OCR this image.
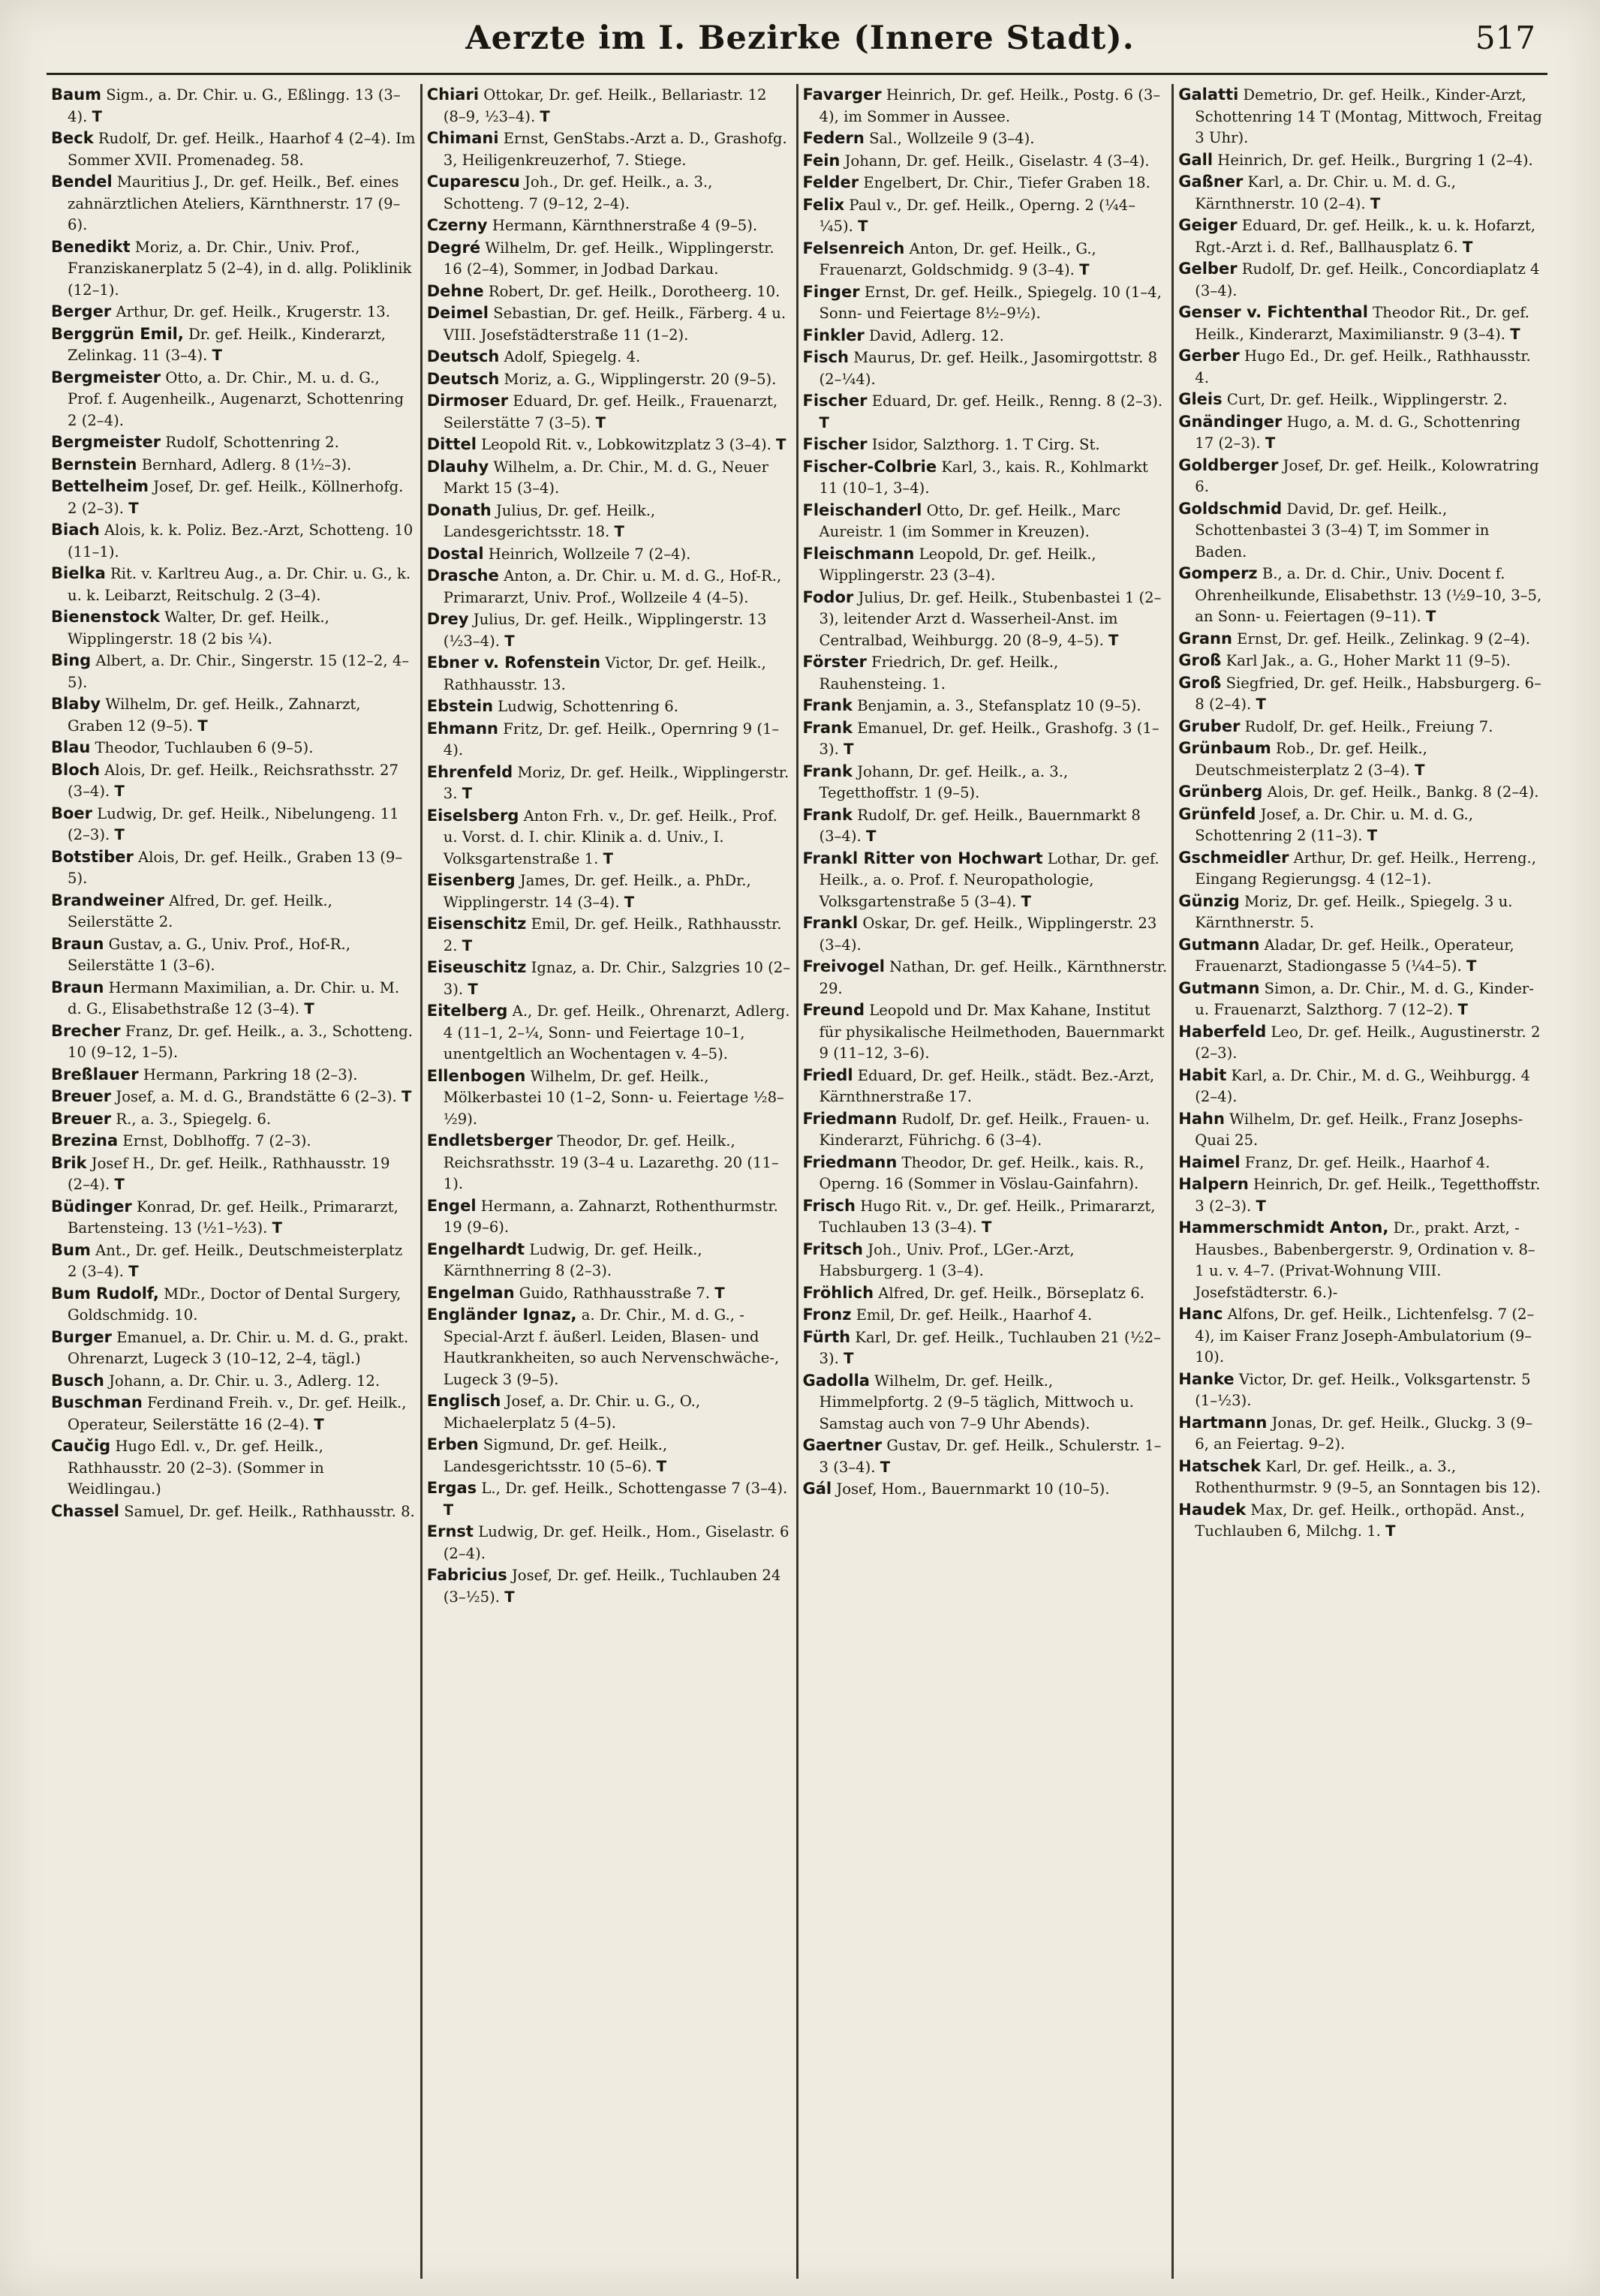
Aerzte im I. Bezirke (Innere Stadt).	517

Baum Sigm., a. Dr. Chir. u. G., Eßlingg. 13 (3–4). T

Beck Rudolf, Dr. gef. Heilk., Haarhof 4 (2–4). Im Sommer XVII. Promenadeg. 58.

Bendel Mauritius J., Dr. gef. Heilk., Bef. eines zahnärztlichen Ateliers, Kärnthnerstr. 17 (9–6).

Benedikt Moriz, a. Dr. Chir., Univ. Prof., Franziskanerplatz 5 (2–4), in d. allg. Poliklinik (12–1).

Berger Arthur, Dr. gef. Heilk., Krugerstr. 13.

Berggrün Emil, Dr. gef. Heilk., Kinderarzt, Zelinkag. 11 (3–4). T

Bergmeister Otto, a. Dr. Chir., M. u. d. G., Prof. f. Augenheilk., Augenarzt, Schottenring 2 (2–4).

Bergmeister Rudolf, Schottenring 2.

Bernstein Bernhard, Adlerg. 8 (1½–3).

Bettelheim Josef, Dr. gef. Heilk., Köllnerhofg. 2 (2–3). T

Biach Alois, k. k. Poliz. Bez.-Arzt, Schotteng. 10 (11–1).

Bielka Rit. v. Karltreu Aug., a. Dr. Chir. u. G., k. u. k. Leibarzt, Reitschulg. 2 (3–4).

Bienenstock Walter, Dr. gef. Heilk., Wipplingerstr. 18 (2 bis ¼).

Bing Albert, a. Dr. Chir., Singerstr. 15 (12–2, 4–5).

Blaby Wilhelm, Dr. gef. Heilk., Zahnarzt, Graben 12 (9–5). T

Blau Theodor, Tuchlauben 6 (9–5).

Bloch Alois, Dr. gef. Heilk., Reichsrathsstr. 27 (3–4). T

Boer Ludwig, Dr. gef. Heilk., Nibelungeng. 11 (2–3). T

Botstiber Alois, Dr. gef. Heilk., Graben 13 (9–5).

Brandweiner Alfred, Dr. gef. Heilk., Seilerstätte 2.

Braun Gustav, a. G., Univ. Prof., Hof-R., Seilerstätte 1 (3–6).

Braun Hermann Maximilian, a. Dr. Chir. u. M. d. G., Elisabethstraße 12 (3–4). T

Brecher Franz, Dr. gef. Heilk., a. 3., Schotteng. 10 (9–12, 1–5).

Breßlauer Hermann, Parkring 18 (2–3).

Breuer Josef, a. M. d. G., Brandstätte 6 (2–3). T

Breuer R., a. 3., Spiegelg. 6.

Brezina Ernst, Doblhoffg. 7 (2–3).

Brik Josef H., Dr. gef. Heilk., Rathhausstr. 19 (2–4). T

Büdinger Konrad, Dr. gef. Heilk., Primararzt, Bartensteing. 13 (½1–½3). T

Bum Ant., Dr. gef. Heilk., Deutschmeisterplatz 2 (3–4). T

Bum Rudolf, MDr., Doctor of Dental Surgery, Goldschmidg. 10.

Burger Emanuel, a. Dr. Chir. u. M. d. G., prakt. Ohrenarzt, Lugeck 3 (10–12, 2–4, tägl.)

Busch Johann, a. Dr. Chir. u. 3., Adlerg. 12.

Buschman Ferdinand Freih. v., Dr. gef. Heilk., Operateur, Seilerstätte 16 (2–4). T

Caučig Hugo Edl. v., Dr. gef. Heilk., Rathhausstr. 20 (2–3). (Sommer in Weidlingau.)

Chassel Samuel, Dr. gef. Heilk., Rathhausstr. 8.

Chiari Ottokar, Dr. gef. Heilk., Bellariastr. 12 (8–9, ½3–4). T

Chimani Ernst, GenStabs.-Arzt a. D., Grashofg. 3, Heiligenkreuzerhof, 7. Stiege.

Cuparescu Joh., Dr. gef. Heilk., a. 3., Schotteng. 7 (9–12, 2–4).

Czerny Hermann, Kärnthnerstraße 4 (9–5).

Degré Wilhelm, Dr. gef. Heilk., Wipplingerstr. 16 (2–4), Sommer, in Jodbad Darkau.

Dehne Robert, Dr. gef. Heilk., Dorotheerg. 10.

Deimel Sebastian, Dr. gef. Heilk., Färberg. 4 u. VIII. Josefstädterstraße 11 (1–2).

Deutsch Adolf, Spiegelg. 4.

Deutsch Moriz, a. G., Wipplingerstr. 20 (9–5).

Dirmoser Eduard, Dr. gef. Heilk., Frauenarzt, Seilerstätte 7 (3–5). T

Dittel Leopold Rit. v., Lobkowitzplatz 3 (3–4). T

Dlauhy Wilhelm, a. Dr. Chir., M. d. G., Neuer Markt 15 (3–4).

Donath Julius, Dr. gef. Heilk., Landesgerichtsstr. 18. T

Dostal Heinrich, Wollzeile 7 (2–4).

Drasche Anton, a. Dr. Chir. u. M. d. G., Hof-R., Primararzt, Univ. Prof., Wollzeile 4 (4–5).

Drey Julius, Dr. gef. Heilk., Wipplingerstr. 13 (½3–4). T

Ebner v. Rofenstein Victor, Dr. gef. Heilk., Rathhausstr. 13.

Ebstein Ludwig, Schottenring 6.

Ehmann Fritz, Dr. gef. Heilk., Opernring 9 (1–4).

Ehrenfeld Moriz, Dr. gef. Heilk., Wipplingerstr. 3. T

Eiselsberg Anton Frh. v., Dr. gef. Heilk., Prof. u. Vorst. d. I. chir. Klinik a. d. Univ., I. Volksgartenstraße 1. T

Eisenberg James, Dr. gef. Heilk., a. PhDr., Wipplingerstr. 14 (3–4). T

Eisenschitz Emil, Dr. gef. Heilk., Rathhausstr. 2. T

Eiseuschitz Ignaz, a. Dr. Chir., Salzgries 10 (2–3). T

Eitelberg A., Dr. gef. Heilk., Ohrenarzt, Adlerg. 4 (11–1, 2–¼, Sonn- und Feiertage 10–1, unentgeltlich an Wochentagen v. 4–5).

Ellenbogen Wilhelm, Dr. gef. Heilk., Mölkerbastei 10 (1–2, Sonn- u. Feiertage ½8–½9).

Endletsberger Theodor, Dr. gef. Heilk., Reichsrathsstr. 19 (3–4 u. Lazarethg. 20 (11–1).

Engel Hermann, a. Zahnarzt, Rothenthurmstr. 19 (9–6).

Engelhardt Ludwig, Dr. gef. Heilk., Kärnthnerring 8 (2–3).

Engelman Guido, Rathhausstraße 7. T

Engländer Ignaz, a. Dr. Chir., M. d. G., -Special-Arzt f. äußerl. Leiden, Blasen- und Hautkrankheiten, so auch Nervenschwäche-, Lugeck 3 (9–5).

Englisch Josef, a. Dr. Chir. u. G., O., Michaelerplatz 5 (4–5).

Erben Sigmund, Dr. gef. Heilk., Landesgerichtsstr. 10 (5–6). T

Ergas L., Dr. gef. Heilk., Schottengasse 7 (3–4). T

Ernst Ludwig, Dr. gef. Heilk., Hom., Giselastr. 6 (2–4).

Fabricius Josef, Dr. gef. Heilk., Tuchlauben 24 (3–½5). T

Favarger Heinrich, Dr. gef. Heilk., Postg. 6 (3–4), im Sommer in Aussee.

Federn Sal., Wollzeile 9 (3–4).

Fein Johann, Dr. gef. Heilk., Giselastr. 4 (3–4).

Felder Engelbert, Dr. Chir., Tiefer Graben 18.

Felix Paul v., Dr. gef. Heilk., Operng. 2 (¼4–¼5). T

Felsenreich Anton, Dr. gef. Heilk., G., Frauenarzt, Goldschmidg. 9 (3–4). T

Finger Ernst, Dr. gef. Heilk., Spiegelg. 10 (1–4, Sonn- und Feiertage 8½–9½).

Finkler David, Adlerg. 12.

Fisch Maurus, Dr. gef. Heilk., Jasomirgottstr. 8 (2–¼4).

Fischer Eduard, Dr. gef. Heilk., Renng. 8 (2–3). T

Fischer Isidor, Salzthorg. 1. T Cirg. St.

Fischer-Colbrie Karl, 3., kais. R., Kohlmarkt 11 (10–1, 3–4).

Fleischanderl Otto, Dr. gef. Heilk., Marc Aureistr. 1 (im Sommer in Kreuzen).

Fleischmann Leopold, Dr. gef. Heilk., Wipplingerstr. 23 (3–4).

Fodor Julius, Dr. gef. Heilk., Stubenbastei 1 (2–3), leitender Arzt d. Wasserheil-Anst. im Centralbad, Weihburgg. 20 (8–9, 4–5). T

Förster Friedrich, Dr. gef. Heilk., Rauhensteing. 1.

Frank Benjamin, a. 3., Stefansplatz 10 (9–5).

Frank Emanuel, Dr. gef. Heilk., Grashofg. 3 (1–3). T

Frank Johann, Dr. gef. Heilk., a. 3., Tegetthoffstr. 1 (9–5).

Frank Rudolf, Dr. gef. Heilk., Bauernmarkt 8 (3–4). T

Frankl Ritter von Hochwart Lothar, Dr. gef. Heilk., a. o. Prof. f. Neuropathologie, Volksgartenstraße 5 (3–4). T

Frankl Oskar, Dr. gef. Heilk., Wipplingerstr. 23 (3–4).

Freivogel Nathan, Dr. gef. Heilk., Kärnthnerstr. 29.

Freund Leopold und Dr. Max Kahane, Institut für physikalische Heilmethoden, Bauernmarkt 9 (11–12, 3–6).

Friedl Eduard, Dr. gef. Heilk., städt. Bez.-Arzt, Kärnthnerstraße 17.

Friedmann Rudolf, Dr. gef. Heilk., Frauen- u. Kinderarzt, Führichg. 6 (3–4).

Friedmann Theodor, Dr. gef. Heilk., kais. R., Operng. 16 (Sommer in Vöslau-Gainfahrn).

Frisch Hugo Rit. v., Dr. gef. Heilk., Primararzt, Tuchlauben 13 (3–4). T

Fritsch Joh., Univ. Prof., LGer.-Arzt, Habsburgerg. 1 (3–4).

Fröhlich Alfred, Dr. gef. Heilk., Börseplatz 6.

Fronz Emil, Dr. gef. Heilk., Haarhof 4.

Fürth Karl, Dr. gef. Heilk., Tuchlauben 21 (½2–3). T

Gadolla Wilhelm, Dr. gef. Heilk., Himmelpfortg. 2 (9–5 täglich, Mittwoch u. Samstag auch von 7–9 Uhr Abends).

Gaertner Gustav, Dr. gef. Heilk., Schulerstr. 1–3 (3–4). T

Gál Josef, Hom., Bauernmarkt 10 (10–5).

Galatti Demetrio, Dr. gef. Heilk., Kinder-Arzt, Schottenring 14 T (Montag, Mittwoch, Freitag 3 Uhr).

Gall Heinrich, Dr. gef. Heilk., Burgring 1 (2–4).

Gaßner Karl, a. Dr. Chir. u. M. d. G., Kärnthnerstr. 10 (2–4). T

Geiger Eduard, Dr. gef. Heilk., k. u. k. Hofarzt, Rgt.-Arzt i. d. Ref., Ballhausplatz 6. T

Gelber Rudolf, Dr. gef. Heilk., Concordiaplatz 4 (3–4).

Genser v. Fichtenthal Theodor Rit., Dr. gef. Heilk., Kinderarzt, Maximilianstr. 9 (3–4). T

Gerber Hugo Ed., Dr. gef. Heilk., Rathhausstr. 4.

Gleis Curt, Dr. gef. Heilk., Wipplingerstr. 2.

Gnändinger Hugo, a. M. d. G., Schottenring 17 (2–3). T

Goldberger Josef, Dr. gef. Heilk., Kolowratring 6.

Goldschmid David, Dr. gef. Heilk., Schottenbastei 3 (3–4) T, im Sommer in Baden.

Gomperz B., a. Dr. d. Chir., Univ. Docent f. Ohrenheilkunde, Elisabethstr. 13 (½9–10, 3–5, an Sonn- u. Feiertagen (9–11). T

Grann Ernst, Dr. gef. Heilk., Zelinkag. 9 (2–4).

Groß Karl Jak., a. G., Hoher Markt 11 (9–5).

Groß Siegfried, Dr. gef. Heilk., Habsburgerg. 6–8 (2–4). T

Gruber Rudolf, Dr. gef. Heilk., Freiung 7.

Grünbaum Rob., Dr. gef. Heilk., Deutschmeisterplatz 2 (3–4). T

Grünberg Alois, Dr. gef. Heilk., Bankg. 8 (2–4).

Grünfeld Josef, a. Dr. Chir. u. M. d. G., Schottenring 2 (11–3). T

Gschmeidler Arthur, Dr. gef. Heilk., Herreng., Eingang Regierungsg. 4 (12–1).

Günzig Moriz, Dr. gef. Heilk., Spiegelg. 3 u. Kärnthnerstr. 5.

Gutmann Aladar, Dr. gef. Heilk., Operateur, Frauenarzt, Stadiongasse 5 (¼4–5). T

Gutmann Simon, a. Dr. Chir., M. d. G., Kinder- u. Frauenarzt, Salzthorg. 7 (12–2). T

Haberfeld Leo, Dr. gef. Heilk., Augustinerstr. 2 (2–3).

Habit Karl, a. Dr. Chir., M. d. G., Weihburgg. 4 (2–4).

Hahn Wilhelm, Dr. gef. Heilk., Franz Josephs-Quai 25.

Haimel Franz, Dr. gef. Heilk., Haarhof 4.

Halpern Heinrich, Dr. gef. Heilk., Tegetthoffstr. 3 (2–3). T

Hammerschmidt Anton, Dr., prakt. Arzt, -Hausbes., Babenbergerstr. 9, Ordination v. 8–1 u. v. 4–7. (Privat-Wohnung VIII. Josefstädterstr. 6.)-

Hanc Alfons, Dr. gef. Heilk., Lichtenfelsg. 7 (2–4), im Kaiser Franz Joseph-Ambulatorium (9–10).

Hanke Victor, Dr. gef. Heilk., Volksgartenstr. 5 (1–½3).

Hartmann Jonas, Dr. gef. Heilk., Gluckg. 3 (9–6, an Feiertag. 9–2).

Hatschek Karl, Dr. gef. Heilk., a. 3., Rothenthurmstr. 9 (9–5, an Sonntagen bis 12).

Haudek Max, Dr. gef. Heilk., orthopäd. Anst., Tuchlauben 6, Milchg. 1. T
